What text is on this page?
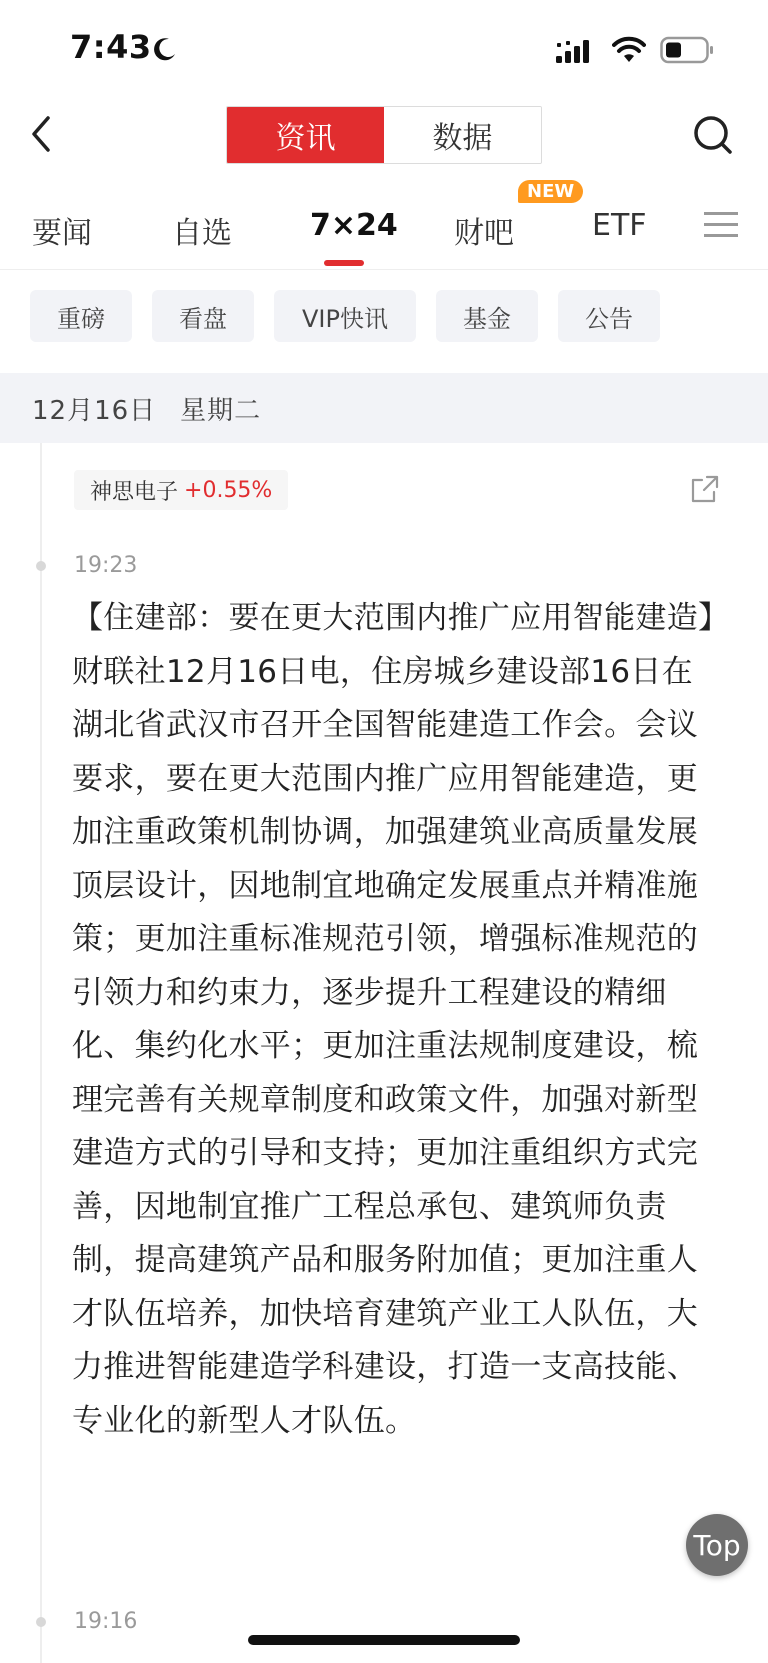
7:43
资讯	数据
要闻	自选	7×24 财吧
NEW
ETF
重磅	看盘	VIP快讯	基金	公告
12月16日 星期二
神思电子 +0.55%
19:23
【住建部：要在更大范围内推广应用智能建造】财联社12月16日电，住房城乡建设部16日在湖北省武汉市召开全国智能建造工作会。会议要求，要在更大范围内推广应用智能建造，更加注重政策机制协调，加强建筑业高质量发展顶层设计，因地制宜地确定发展重点并精准施策；更加注重标准规范引领，增强标准规范的引领力和约束力，逐步提升工程建设的精细化、集约化水平；更加注重法规制度建设，梳理完善有关规章制度和政策文件，加强对新型建造方式的引导和支持；更加注重组织方式完善，因地制宜推广工程总承包、建筑师负责制，提高建筑产品和服务附加值；更加注重人才队伍培养，加快培育建筑产业工人队伍，大力推进智能建造学科建设，打造一支高技能、专业化的新型人才队伍。
19:16
Top
